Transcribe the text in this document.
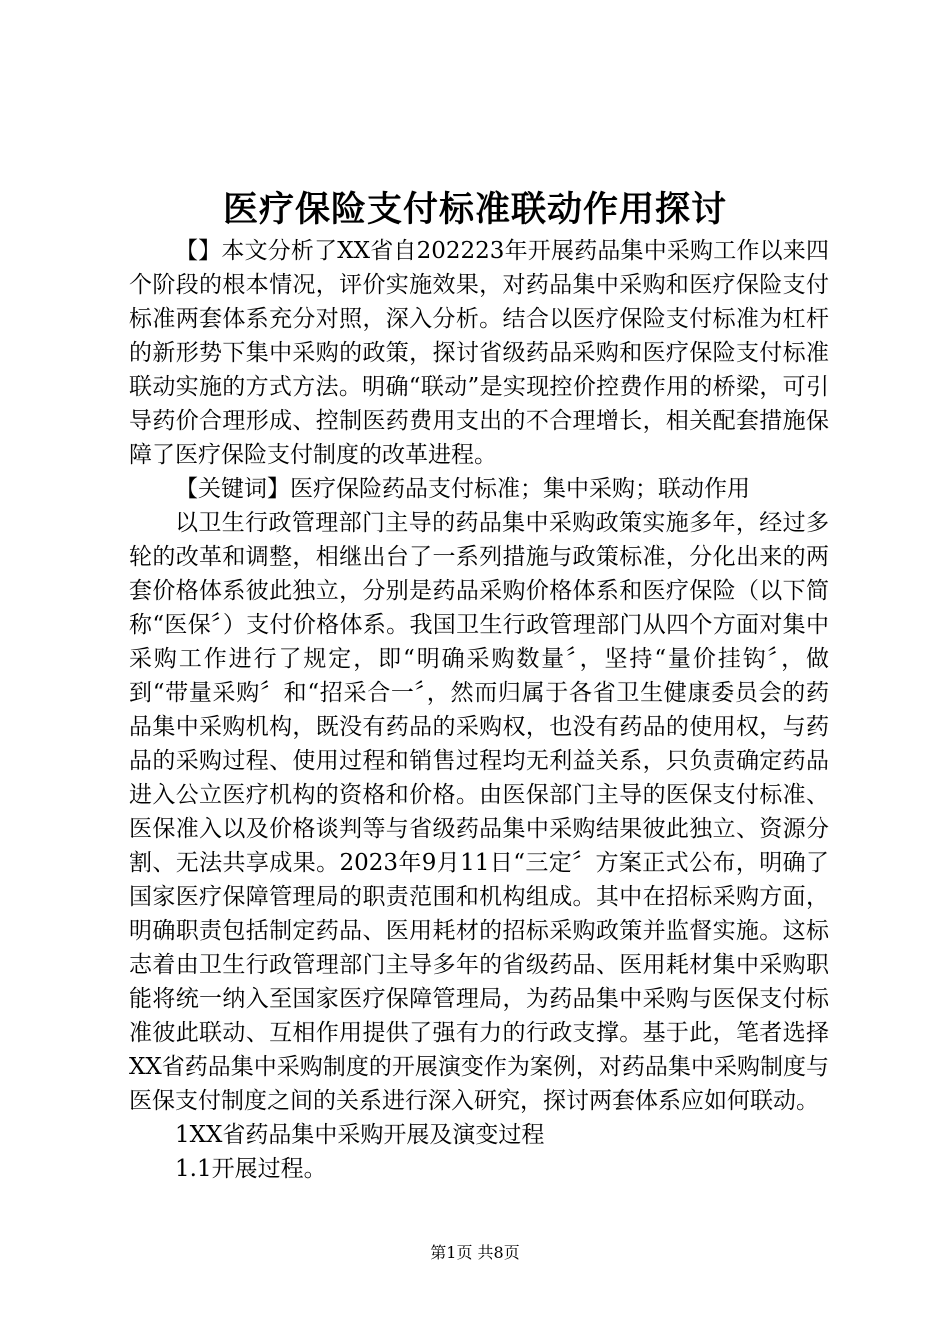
医疗保险支付标准联动作用探讨

【】本文分析了XX省自202223年开展药品集中采购工作以来四个阶段的根本情况，评价实施效果，对药品集中采购和医疗保险支付标准两套体系充分对照，深入分析。结合以医疗保险支付标准为杠杆的新形势下集中采购的政策，探讨省级药品采购和医疗保险支付标准联动实施的方式方法。明确“联动”是实现控价控费作用的桥梁，可引导药价合理形成、控制医药费用支出的不合理增长，相关配套措施保障了医疗保险支付制度的改革进程。

【关键词】医疗保险药品支付标准；集中采购；联动作用

以卫生行政管理部门主导的药品集中采购政策实施多年，经过多轮的改革和调整，相继出台了一系列措施与政策标准，分化出来的两套价格体系彼此独立，分别是药品采购价格体系和医疗保险（以下简称“医保〞）支付价格体系。我国卫生行政管理部门从四个方面对集中采购工作进行了规定，即“明确采购数量〞，坚持“量价挂钩〞，做到“带量采购〞和“招采合一〞，然而归属于各省卫生健康委员会的药品集中采购机构，既没有药品的采购权，也没有药品的使用权，与药品的采购过程、使用过程和销售过程均无利益关系，只负责确定药品进入公立医疗机构的资格和价格。由医保部门主导的医保支付标准、医保准入以及价格谈判等与省级药品集中采购结果彼此独立、资源分割、无法共享成果。2023年9月11日“三定〞方案正式公布，明确了国家医疗保障管理局的职责范围和机构组成。其中在招标采购方面，明确职责包括制定药品、医用耗材的招标采购政策并监督实施。这标志着由卫生行政管理部门主导多年的省级药品、医用耗材集中采购职能将统一纳入至国家医疗保障管理局，为药品集中采购与医保支付标准彼此联动、互相作用提供了强有力的行政支撑。基于此，笔者选择XX省药品集中采购制度的开展演变作为案例，对药品集中采购制度与医保支付制度之间的关系进行深入研究，探讨两套体系应如何联动。

1XX省药品集中采购开展及演变过程

1.1开展过程。

第1页 共8页
